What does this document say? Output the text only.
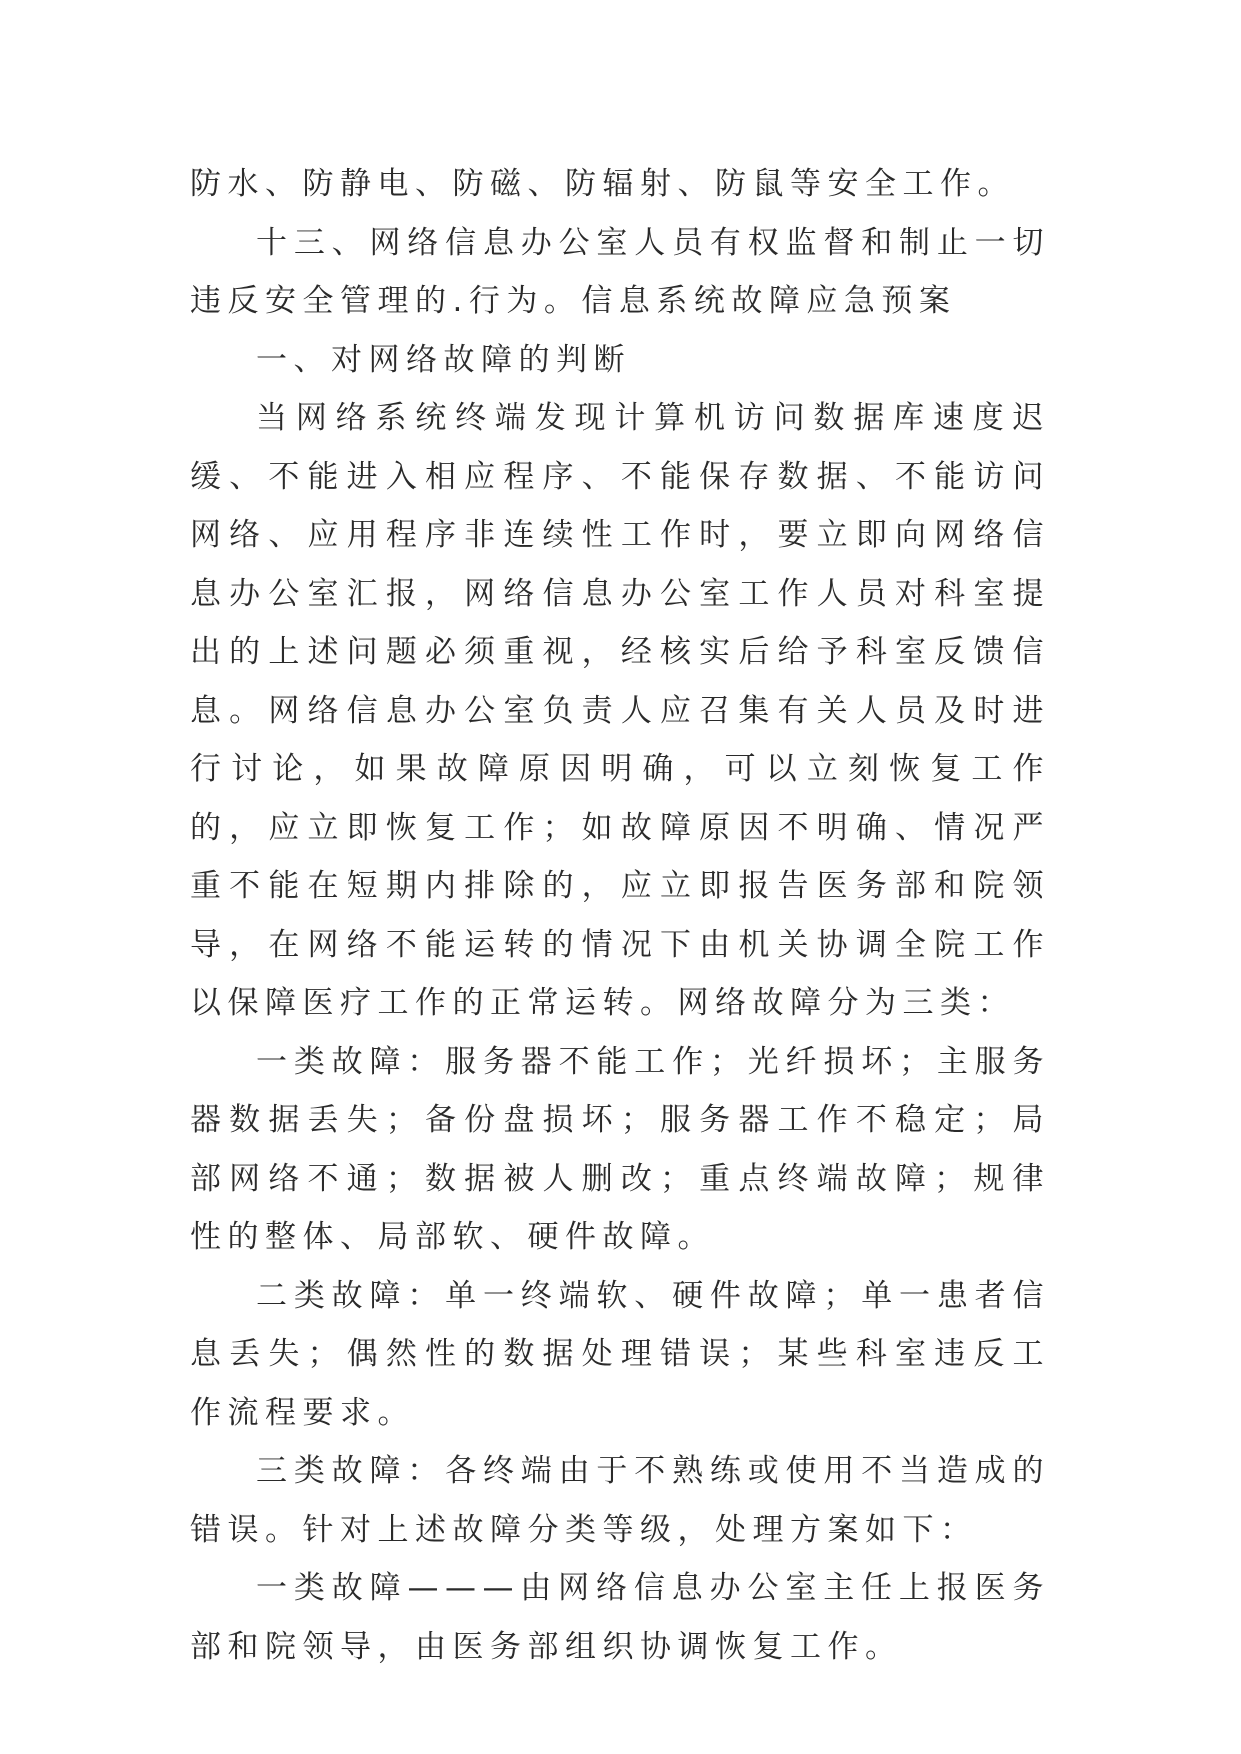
防水、防静电、防磁、防辐射、防鼠等安全工作。

十三、网络信息办公室人员有权监督和制止一切违反安全管理的.行为。信息系统故障应急预案

一、对网络故障的判断

当网络系统终端发现计算机访问数据库速度迟缓、不能进入相应程序、不能保存数据、不能访问网络、应用程序非连续性工作时，要立即向网络信息办公室汇报，网络信息办公室工作人员对科室提出的上述问题必须重视，经核实后给予科室反馈信息。网络信息办公室负责人应召集有关人员及时进行讨论，如果故障原因明确，可以立刻恢复工作的，应立即恢复工作；如故障原因不明确、情况严重不能在短期内排除的，应立即报告医务部和院领导，在网络不能运转的情况下由机关协调全院工作以保障医疗工作的正常运转。网络故障分为三类：

一类故障：服务器不能工作；光纤损坏；主服务器数据丢失；备份盘损坏；服务器工作不稳定；局部网络不通；数据被人删改；重点终端故障；规律性的整体、局部软、硬件故障。

二类故障：单一终端软、硬件故障；单一患者信息丢失；偶然性的数据处理错误；某些科室违反工作流程要求。

三类故障：各终端由于不熟练或使用不当造成的错误。针对上述故障分类等级，处理方案如下：

一类故障———由网络信息办公室主任上报医务部和院领导，由医务部组织协调恢复工作。
